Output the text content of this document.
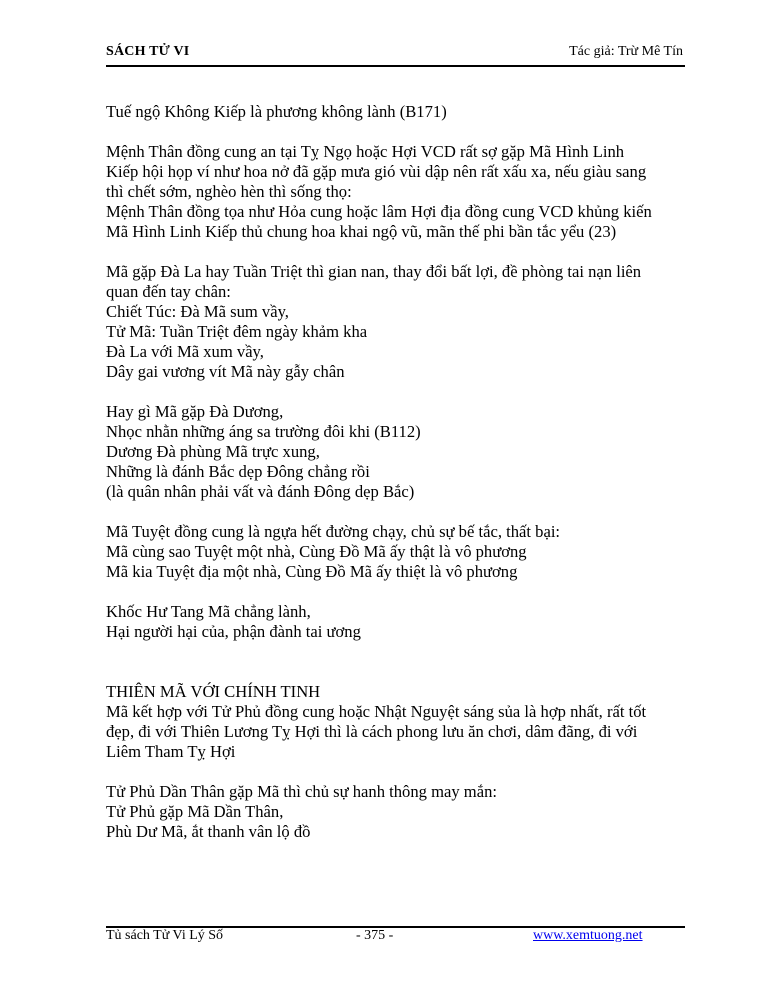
SÁCH TỬ VI	Tác giả: Trừ Mê Tín
Tuế ngộ Không Kiếp là phương không lành (B171)
Mệnh Thân đồng cung an tại Tỵ Ngọ hoặc Hợi VCD rất sợ gặp Mã Hình Linh
Kiếp hội họp ví như hoa nở đã gặp mưa gió vùi dập nên rất xấu xa, nếu giàu sang
thì chết sớm, nghèo hèn thì sống thọ:
Mệnh Thân đồng tọa như Hỏa cung hoặc lâm Hợi địa đồng cung VCD khủng kiến
Mã Hình Linh Kiếp thủ chung hoa khai ngộ vũ, mãn thế phi bần tắc yểu (23)
Mã gặp Đà La hay Tuần Triệt thì gian nan, thay đổi bất lợi, đề phòng tai nạn liên
quan đến tay chân:
Chiết Túc: Đà Mã sum vầy,
Tử Mã: Tuần Triệt đêm ngày khảm kha
Đà La với Mã xum vầy,
Dây gai vương vít Mã này gẫy chân
Hay gì Mã gặp Đà Dương,
Nhọc nhằn những áng sa trường đôi khi (B112)
Dương Đà phùng Mã trực xung,
Những là đánh Bắc dẹp Đông chẳng rồi
(là quân nhân phải vất và đánh Đông dẹp Bắc)
Mã Tuyệt đồng cung là ngựa hết đường chạy, chủ sự bế tắc, thất bại:
Mã cùng sao Tuyệt một nhà, Cùng Đồ Mã ấy thật là vô phương
Mã kia Tuyệt địa một nhà, Cùng Đồ Mã ấy thiệt là vô phương
Khốc Hư Tang Mã chẳng lành,
Hại người hại của, phận đành tai ương
THIÊN MÃ VỚI CHÍNH TINH
Mã kết hợp với Tử Phủ đồng cung hoặc Nhật Nguyệt sáng sủa là hợp nhất, rất tốt
đẹp, đi với Thiên Lương Tỵ Hợi thì là cách phong lưu ăn chơi, dâm đãng, đi với
Liêm Tham Tỵ Hợi
Tử Phủ Dần Thân gặp Mã thì chủ sự hanh thông may mắn:
Tử Phủ gặp Mã Dần Thân,
Phù Dư Mã, ắt thanh vân lộ đồ
Tủ sách Tử Vi Lý Số	- 375 -	www.xemtuong.net
